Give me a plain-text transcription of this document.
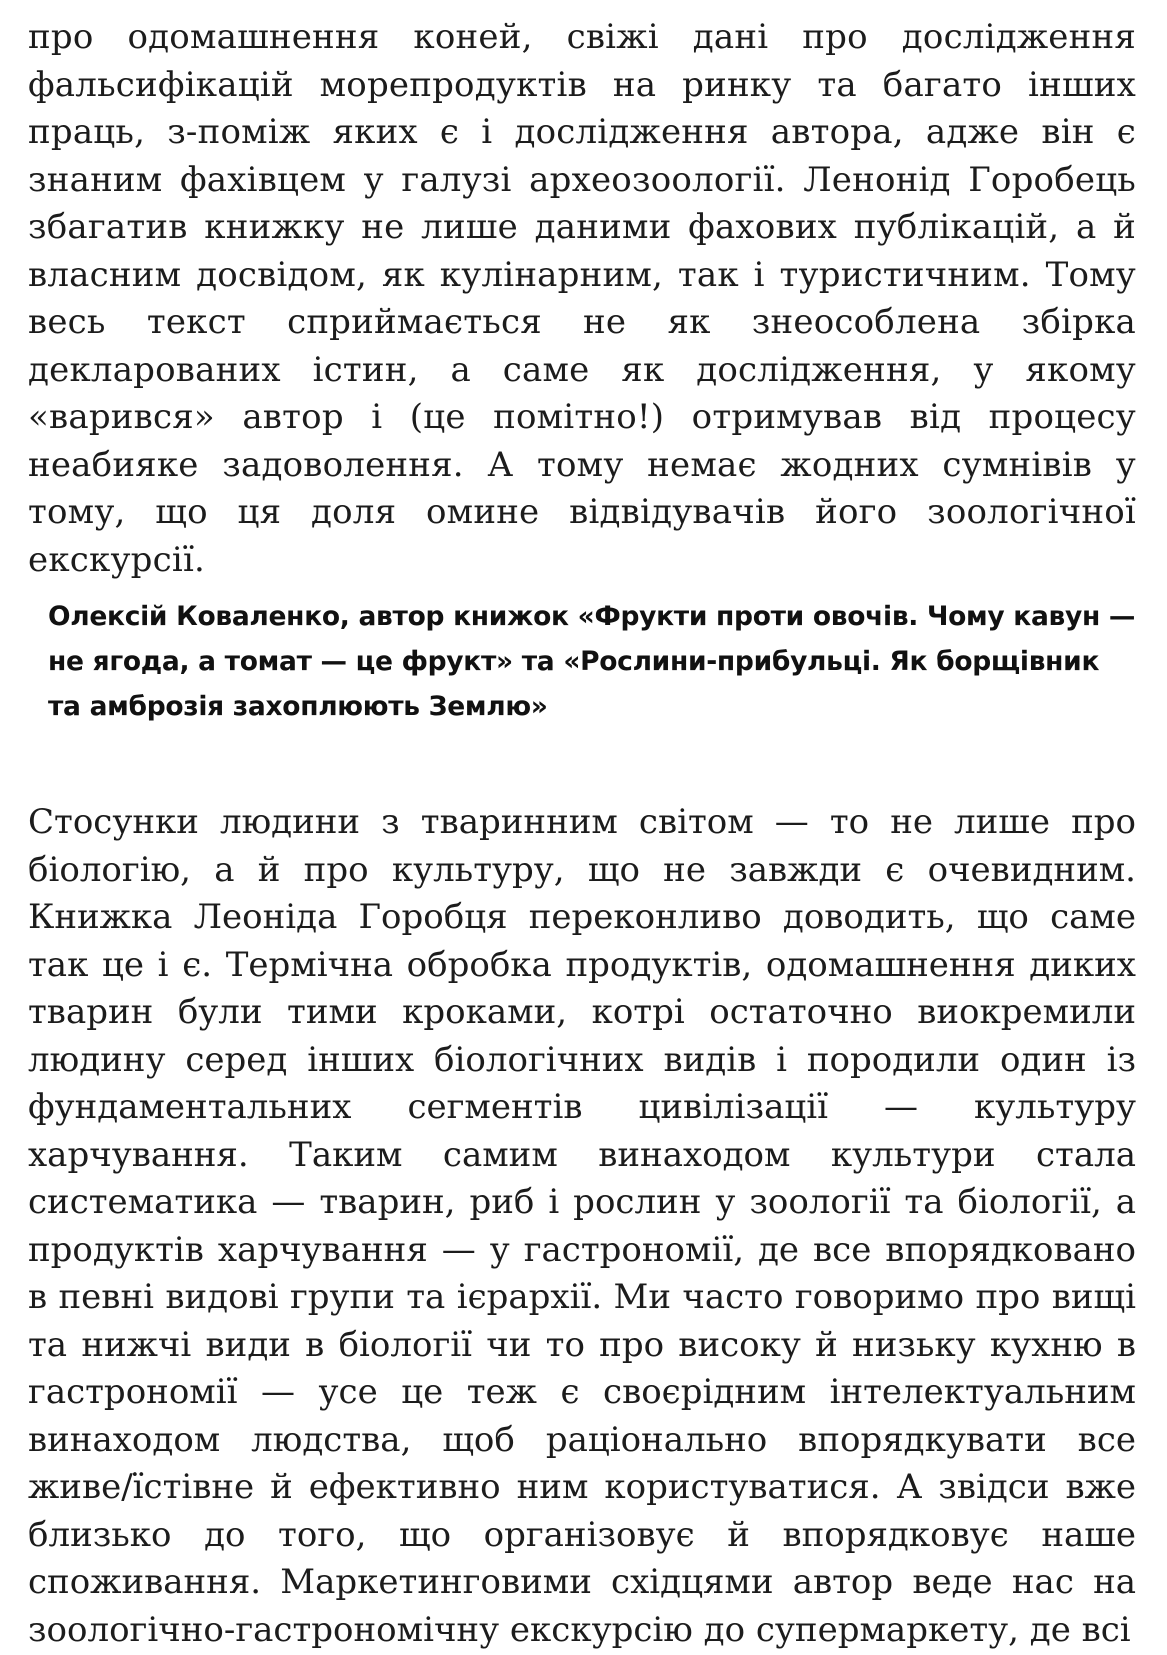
про одомашнення коней, свіжі дані про дослідження фальсифікацій морепродуктів на ринку та багато інших праць, з-поміж яких є і дослідження автора, адже він є знаним фахівцем у галузі археозоології. Ленонід Горобець збагатив книжку не лише даними фахових публікацій, а й власним досвідом, як кулінарним, так і туристичним. Тому весь текст сприймається не як знеособлена збірка декларованих істин, а саме як дослідження, у якому «варився» автор і (це помітно!) отримував від процесу неабияке задоволення. А тому немає жодних сумнівів у тому, що ця доля омине відвідувачів його зоологічної екскурсії.

Олексій Коваленко, автор книжок «Фрукти проти овочів. Чому кавун — не ягода, а томат — це фрукт» та «Рослини-прибульці. Як борщівник та амброзія захоплюють Землю»

Стосунки людини з тваринним світом — то не лише про біологію, а й про культуру, що не завжди є очевидним. Книжка Леоніда Горобця переконливо доводить, що саме так це і є. Термічна обробка продуктів, одомашнення диких тварин були тими кроками, котрі остаточно виокремили людину серед інших біологічних видів і породили один із фундаментальних сегментів цивілізації — культуру харчування. Таким самим винаходом культури стала систематика — тварин, риб і рослин у зоології та біології, а продуктів харчування — у гастрономії, де все впорядковано в певні видові групи та ієрархії. Ми часто говоримо про вищі та нижчі види в біології чи то про високу й низьку кухню в гастрономії — усе це теж є своєрідним інтелектуальним винаходом людства, щоб раціонально впорядкувати все живе/їстівне й ефективно ним користуватися. А звідси вже близько до того, що організовує й впорядковує наше споживання. Маркетинговими східцями автор веде нас на зоологічно-гастрономічну екскурсію до супермаркету, де всі
